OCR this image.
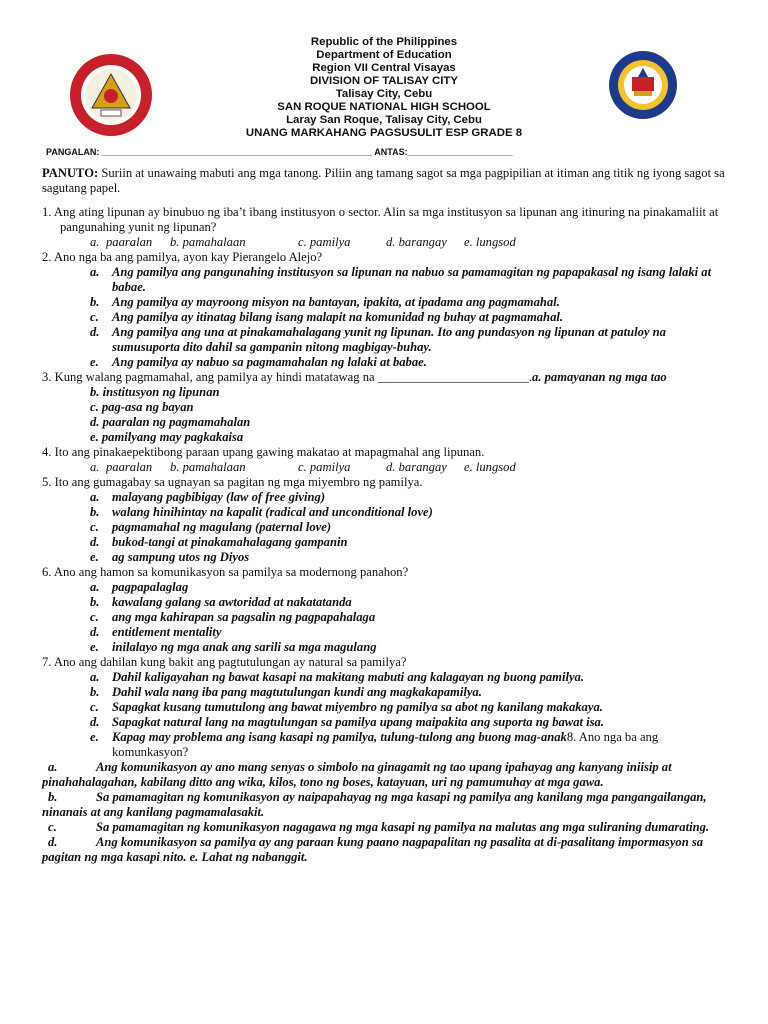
Republic of the Philippines
Department of Education
Region VII Central Visayas
DIVISION OF TALISAY CITY
Talisay City, Cebu
SAN ROQUE NATIONAL HIGH SCHOOL
Laray San Roque, Talisay City, Cebu
UNANG MARKAHANG PAGSUSULIT ESP GRADE 8
PANGALAN: ______________________________________________________ ANTAS:_____________________

PANUTO: Suriin at unawaing mabuti ang mga tanong. Piliin ang tamang sagot sa mga pagpipilian at itiman ang titik ng iyong sagot sa sagutang papel.

1. Ang ating lipunan ay binubuo ng iba’t ibang institusyon o sector. Alin sa mga institusyon sa lipunan ang itinuring na pinakamaliit at pangunahing yunit ng lipunan?
a. paaralan b. pamahalaan	c. pamilya	d. barangay e. lungsod
2. Ano nga ba ang pamilya, ayon kay Pierangelo Alejo?
a. Ang pamilya ang pangunahing institusyon sa lipunan na nabuo sa pamamagitan ng papapakasal ng isang lalaki at babae.
b. Ang pamilya ay mayroong misyon na bantayan, ipakita, at ipadama ang pagmamahal.
c. Ang pamilya ay itinatag bilang isang malapit na komunidad ng buhay at pagmamahal.
d. Ang pamilya ang una at pinakamahalagang yunit ng lipunan. Ito ang pundasyon ng lipunan at patuloy na sumusuporta dito dahil sa gampanin nitong magbigay-buhay.
e. Ang pamilya ay nabuo sa pagmamahalan ng lalaki at babae.
3. Kung walang pagmamahal, ang pamilya ay hindi matatawag na ________________________.a. pamayanan ng mga tao
b. institusyon ng lipunan
c. pag-asa ng bayan
d. paaralan ng pagmamahalan
e. pamilyang may pagkakaisa
4. Ito ang pinakaepektibong paraan upang gawing makatao at mapagmahal ang lipunan.
a. paaralan b. pamahalaan	c. pamilya	d. barangay e. lungsod
5. Ito ang gumagabay sa ugnayan sa pagitan ng mga miyembro ng pamilya.
a. malayang pagbibigay (law of free giving)
b. walang hinihintay na kapalit (radical and unconditional love)
c. pagmamahal ng magulang (paternal love)
d. bukod-tangi at pinakamahalagang gampanin
e. ag sampung utos ng Diyos
6. Ano ang hamon sa komunikasyon sa pamilya sa modernong panahon?
a. pagpapalaglag
b. kawalang galang sa awtoridad at nakatatanda
c. ang mga kahirapan sa pagsalin ng pagpapahalaga
d. entitlement mentality
e. inilalayo ng mga anak ang sarili sa mga magulang
7. Ano ang dahilan kung bakit ang pagtutulungan ay natural sa pamilya?
a. Dahil kaligayahan ng bawat kasapi na makitang mabuti ang kalagayan ng buong pamilya.
b. Dahil wala nang iba pang magtutulungan kundi ang magkakapamilya.
c. Sapagkat kusang tumutulong ang bawat miyembro ng pamilya sa abot ng kanilang makakaya.
d. Sapagkat natural lang na magtulungan sa pamilya upang maipakita ang suporta ng bawat isa.
e. Kapag may problema ang isang kasapi ng pamilya, tulung-tulong ang buong mag-anak8. Ano nga ba ang komunkasyon?
a.	Ang komunikasyon ay ano mang senyas o simbolo na ginagamit ng tao upang ipahayag ang kanyang iniisip at pinahahalagahan, kabilang ditto ang wika, kilos, tono ng boses, katayuan, uri ng pamumuhay at mga gawa.
b.	Sa pamamagitan ng komunikasyon ay naipapahayag ng mga kasapi ng pamilya ang kanilang mga pangangailangan, ninanais at ang kanilang pagmamalasakit.
c.	Sa pamamagitan ng komunikasyon nagagawa ng mga kasapi ng pamilya na malutas ang mga suliraning dumarating.
d.	Ang komunikasyon sa pamilya ay ang paraan kung paano nagpapalitan ng pasalita at di-pasalitang impormasyon sa pagitan ng mga kasapi nito. e. Lahat ng nabanggit.
